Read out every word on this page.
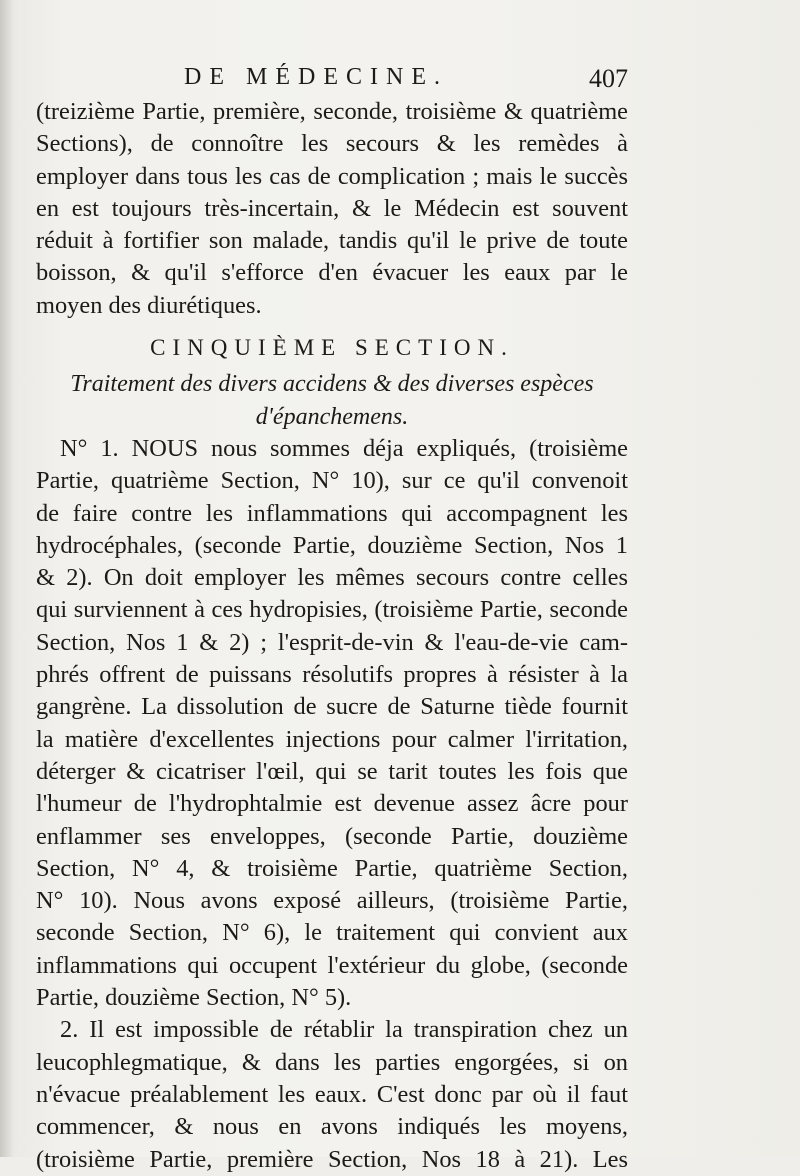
DE MÉDECINE.	407
(treizième Partie, première, seconde, troisième & quatrième
Sections), de connoître les secours & les remèdes à
employer dans tous les cas de complication ; mais le succès
en est toujours très-incertain, & le Médecin est souvent
réduit à fortifier son malade, tandis qu'il le prive de toute
boisson, & qu'il s'efforce d'en évacuer les eaux par le
moyen des diurétiques.
CINQUIÈME SECTION.
Traitement des divers accidens & des diverses espèces
d'épanchemens.
N° 1. NOUS nous sommes déja expliqués, (troisième
Partie, quatrième Section, N° 10), sur ce qu'il convenoit
de faire contre les inflammations qui accompagnent les
hydrocéphales, (seconde Partie, douzième Section, Nos 1
& 2). On doit employer les mêmes secours contre celles
qui surviennent à ces hydropisies, (troisième Partie, seconde
Section, Nos 1 & 2) ; l'esprit-de-vin & l'eau-de-vie cam-
phrés offrent de puissans résolutifs propres à résister à la
gangrène. La dissolution de sucre de Saturne tiède fournit
la matière d'excellentes injections pour calmer l'irritation,
déterger & cicatriser l'œil, qui se tarit toutes les fois que
l'humeur de l'hydrophtalmie est devenue assez âcre pour
enflammer ses enveloppes, (seconde Partie, douzième
Section, N° 4, & troisième Partie, quatrième Section,
N° 10). Nous avons exposé ailleurs, (troisième Partie,
seconde Section, N° 6), le traitement qui convient aux
inflammations qui occupent l'extérieur du globe, (seconde
Partie, douzième Section, N° 5).
2. Il est impossible de rétablir la transpiration chez un
leucophlegmatique, & dans les parties engorgées, si on
n'évacue préalablement les eaux. C'est donc par où il faut
commencer, & nous en avons indiqués les moyens,
(troisième Partie, première Section, Nos 18 à 21). Les
